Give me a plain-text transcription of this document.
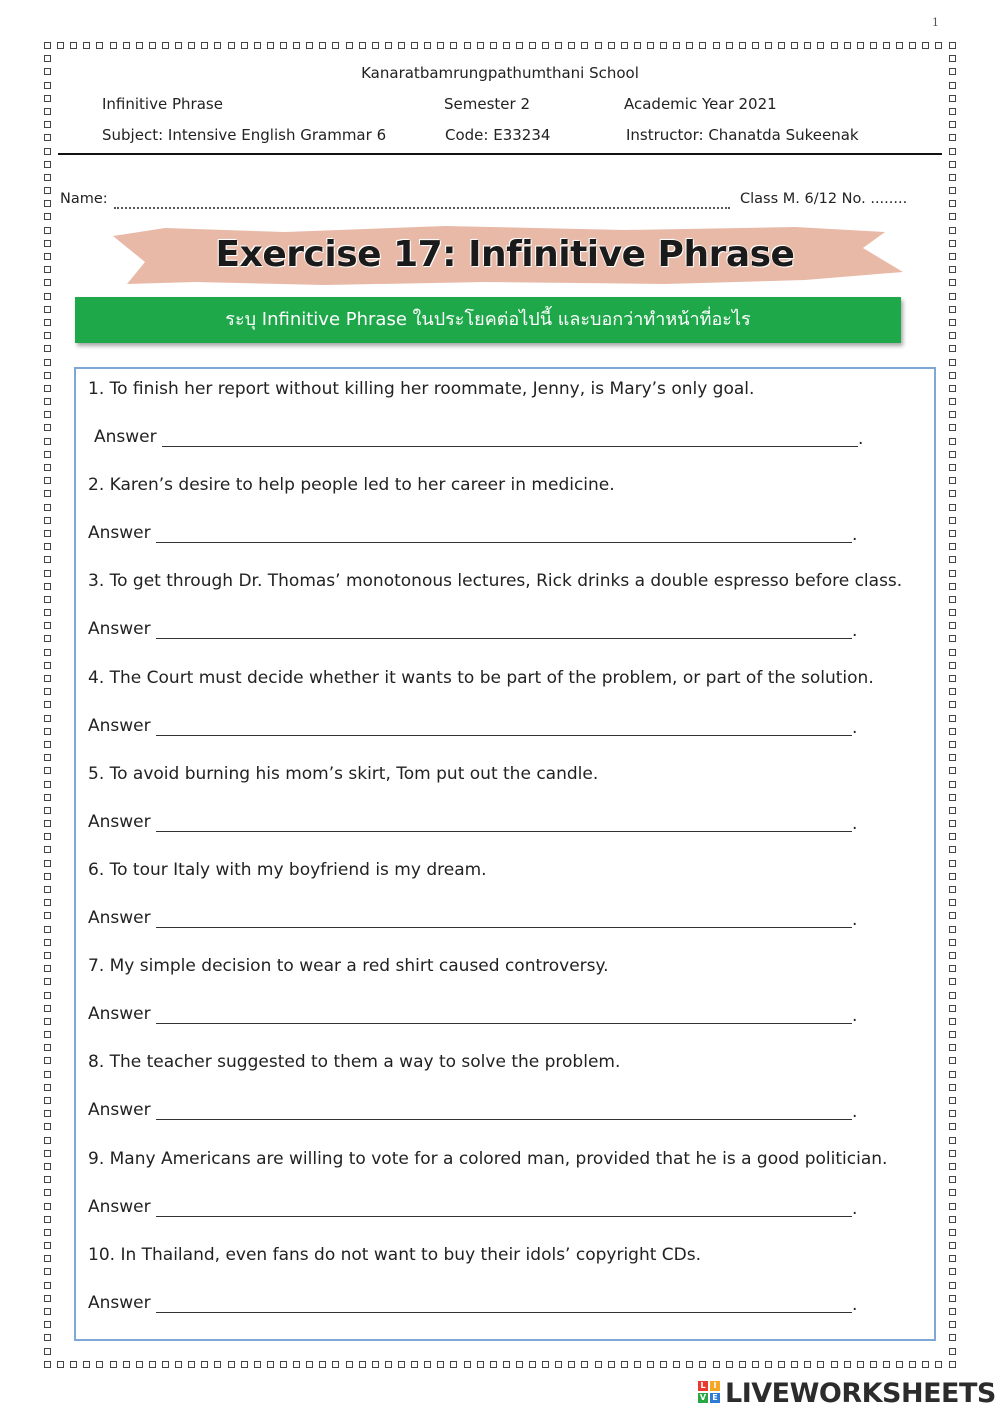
1
Kanaratbamrungpathumthani School
Infinitive Phrase	Semester 2	Academic Year 2021
Subject: Intensive English Grammar 6	Code: E33234	Instructor: Chanatda Sukeenak
Name:	Class M. 6/12 No. ........
Exercise 17: Infinitive Phrase
ระบุ Infinitive Phrase ในประโยคต่อไปนี้ และบอกว่าทำหน้าที่อะไร
1. To finish her report without killing her roommate, Jenny, is Mary’s only goal.
Answer	.
2. Karen’s desire to help people led to her career in medicine.
Answer	.
3. To get through Dr. Thomas’ monotonous lectures, Rick drinks a double espresso before class.
Answer	.
4. The Court must decide whether it wants to be part of the problem, or part of the solution.
Answer	.
5. To avoid burning his mom’s skirt, Tom put out the candle.
Answer	.
6. To tour Italy with my boyfriend is my dream.
Answer	.
7. My simple decision to wear a red shirt caused controversy.
Answer	.
8. The teacher suggested to them a way to solve the problem.
Answer	.
9. Many Americans are willing to vote for a colored man, provided that he is a good politician.
Answer	.
10. In Thailand, even fans do not want to buy their idols’ copyright CDs.
Answer	.
L I
V E LIVEWORKSHEETS
